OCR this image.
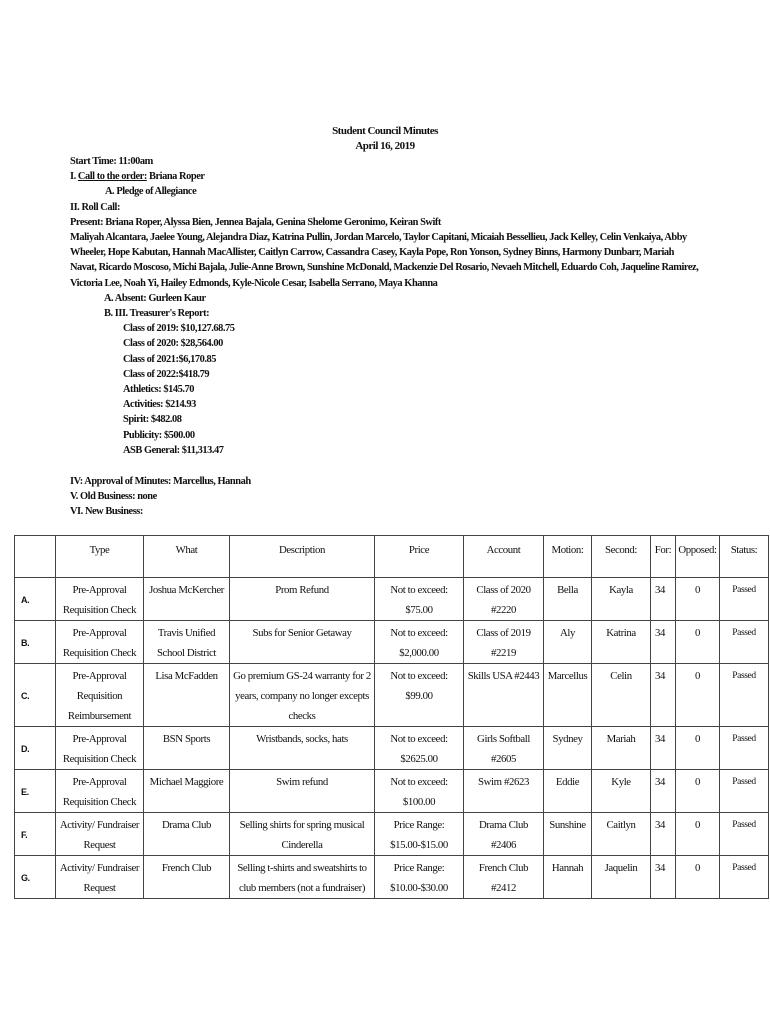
Student Council Minutes
April 16, 2019
Start Time: 11:00am
I. Call to the order: Briana Roper
A. Pledge of Allegiance
II. Roll Call:
Present: Briana Roper, Alyssa Bien, Jennea Bajala, Genina Shelome Geronimo, Keiran Swift
Maliyah Alcantara, Jaelee Young, Alejandra Diaz, Katrina Pullin, Jordan Marcelo, Taylor Capitani, Micaiah Bessellieu, Jack Kelley, Celin Venkaiya, Abby Wheeler, Hope Kabutan, Hannah MacAllister, Caitlyn Carrow, Cassandra Casey, Kayla Pope, Ron Yonson, Sydney Binns, Harmony Dunbarr, Mariah Navat, Ricardo Moscoso, Michi Bajala, Julie-Anne Brown, Sunshine McDonald, Mackenzie Del Rosario, Nevaeh Mitchell, Eduardo Coh, Jaqueline Ramirez, Victoria Lee, Noah Yi, Hailey Edmonds, Kyle-Nicole Cesar, Isabella Serrano, Maya Khanna
A. Absent: Gurleen Kaur
B. III. Treasurer's Report:
Class of 2019: $10,127.68.75
Class of 2020: $28,564.00
Class of 2021:$6,170.85
Class of 2022:$418.79
Athletics: $145.70
Activities: $214.93
Spirit: $482.08
Publicity: $500.00
ASB General: $11,313.47
IV: Approval of Minutes: Marcellus, Hannah
V. Old Business: none
VI. New Business:
	Type	What	Description	Price	Account	Motion:	Second:	For:	Opposed:	Status:
A.	Pre-Approval Requisition Check	Joshua McKercher	Prom Refund	Not to exceed: $75.00	Class of 2020 #2220	Bella	Kayla	34	0	Passed
B.	Pre-Approval Requisition Check	Travis Unified School District	Subs for Senior Getaway	Not to exceed: $2,000.00	Class of 2019 #2219	Aly	Katrina	34	0	Passed
C.	Pre-Approval Requisition Reimbursement	Lisa McFadden	Go premium GS-24 warranty for 2 years, company no longer excepts checks	Not to exceed: $99.00	Skills USA #2443	Marcellus	Celin	34	0	Passed
D.	Pre-Approval Requisition Check	BSN Sports	Wristbands, socks, hats	Not to exceed: $2625.00	Girls Softball #2605	Sydney	Mariah	34	0	Passed
E.	Pre-Approval Requisition Check	Michael Maggiore	Swim refund	Not to exceed: $100.00	Swim #2623	Eddie	Kyle	34	0	Passed
F.	Activity/ Fundraiser Request	Drama Club	Selling shirts for spring musical Cinderella	Price Range: $15.00-$15.00	Drama Club #2406	Sunshine	Caitlyn	34	0	Passed
G.	Activity/ Fundraiser Request	French Club	Selling t-shirts and sweatshirts to club members (not a fundraiser)	Price Range: $10.00-$30.00	French Club #2412	Hannah	Jaquelin	34	0	Passed
